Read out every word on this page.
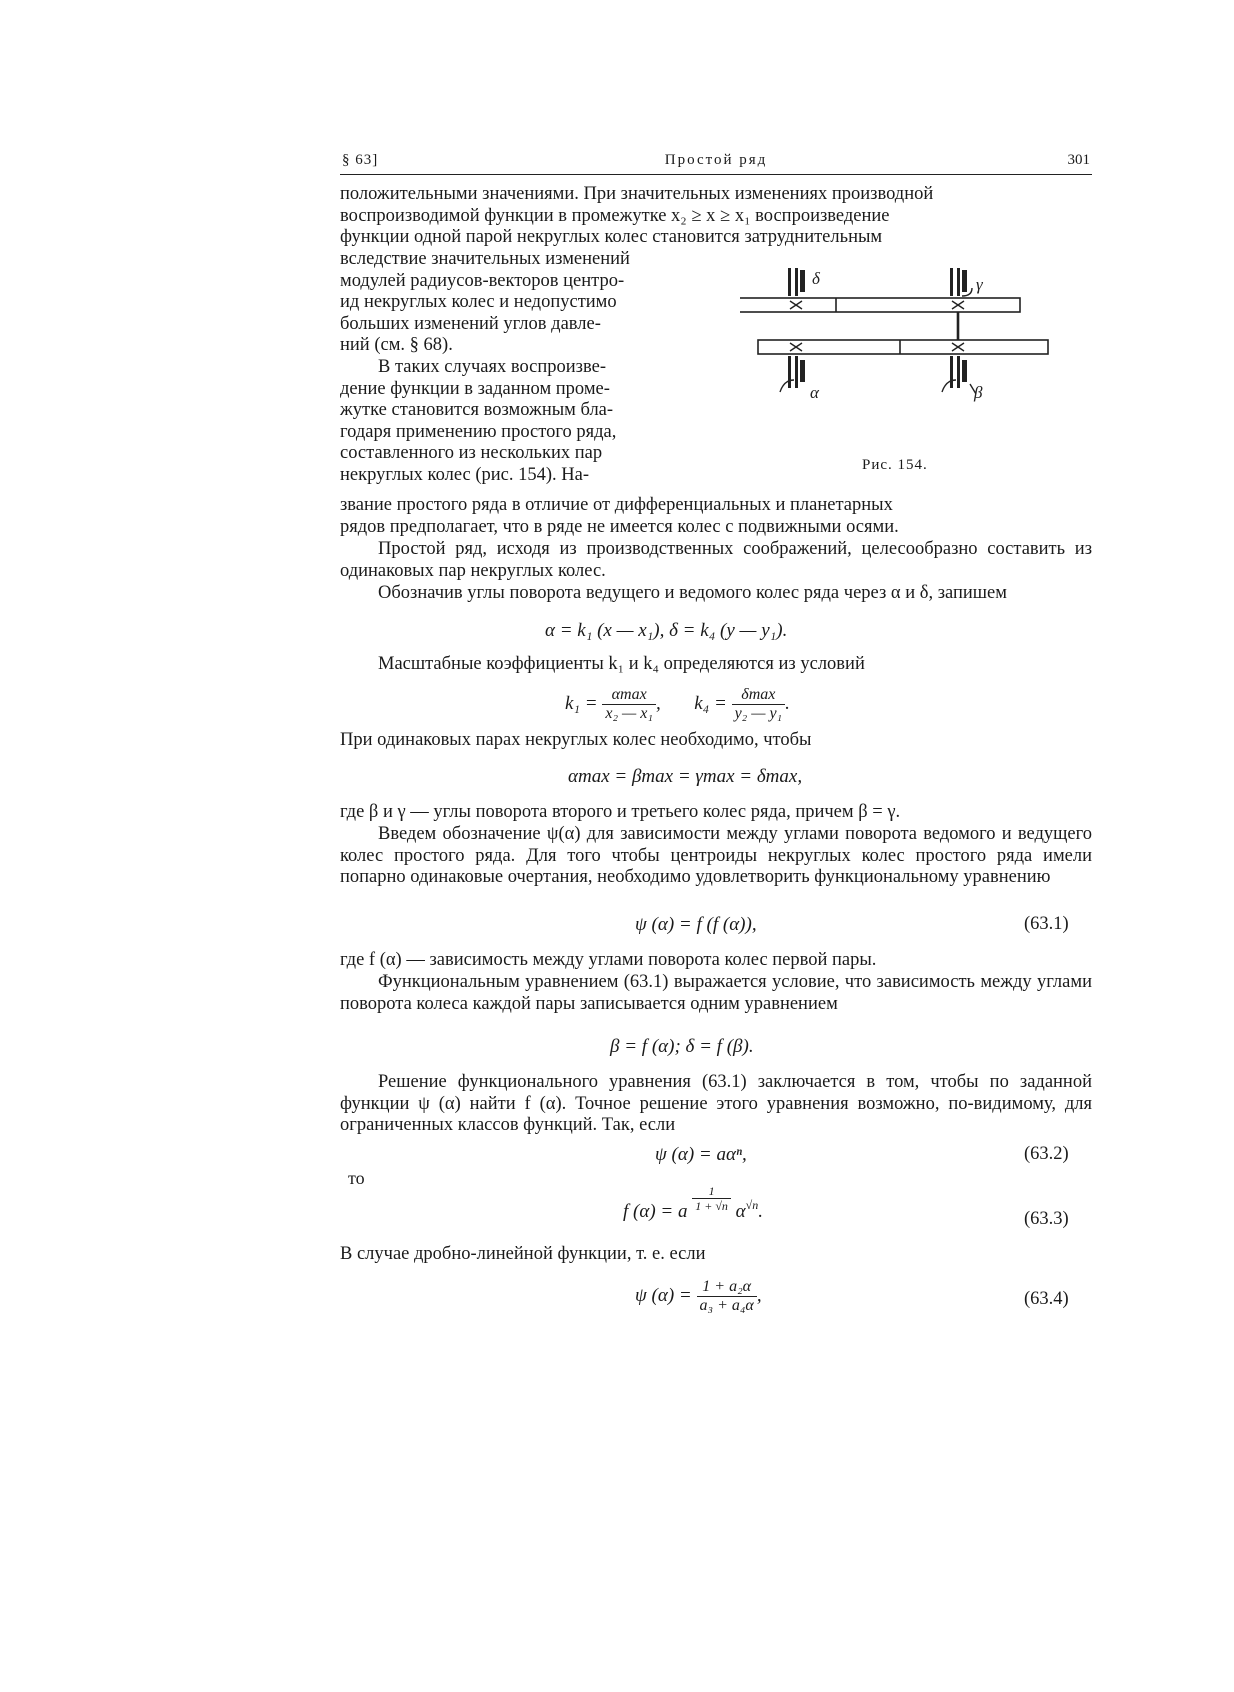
§ 63]	Простой ряд	301
положительными значениями. При значительных изменениях производной
воспроизводимой функции в промежутке x₂ ≥ x ≥ x₁ воспроизведение
функции одной парой некруглых колес становится затруднительным
вследствие значительных изменений
модулей радиусов-векторов центро-
ид некруглых колес и недопустимо
больших изменений углов давле-
ний (см. § 68).
В таких случаях воспроизве-
дение функции в заданном проме-
жутке становится возможным бла-
годаря применению простого ряда,
составленного из нескольких пар
некруглых колес (рис. 154). На-
δ	γ
α	β
Рис. 154.
звание простого ряда в отличие от дифференциальных и планетарных
рядов предполагает, что в ряде не имеется колес с подвижными осями.
Простой ряд, исходя из производственных соображений, целесообразно составить из одинаковых пар некруглых колес.
Обозначив углы поворота ведущего и ведомого колес ряда через α и δ, запишем
α = k₁ (x — x₁), δ = k₄ (y — y₁).
Масштабные коэффициенты k₁ и k₄ определяются из условий
$k_1 = \frac{\alpha\max}{\text{x₂ — x₁}}$ ,  $k_4 = \frac{\delta\max}{\text{y₂ — y₁}}$ .
При одинаковых парах некруглых колес необходимо, чтобы
αmax = βmax = γmax = δmax,
где β и γ — углы поворота второго и третьего колес ряда, причем β = γ.
Введем обозначение ψ(α) для зависимости между углами поворота ведомого и ведущего колес простого ряда. Для того чтобы центроиды некруглых колес простого ряда имели попарно одинаковые очертания, необходимо удовлетворить функциональному уравнению
ψ (α) = f (f (α)),	(63.1)
где f (α) — зависимость между углами поворота колес первой пары.
Функциональным уравнением (63.1) выражается условие, что зависимость между углами поворота колеса каждой пары записывается одним уравнением
β = f (α); δ = f (β).
Решение функционального уравнения (63.1) заключается в том, чтобы по заданной функции ψ (α) найти f (α). Точное решение этого уравнения возможно, по-видимому, для ограниченных классов функций. Так, если
ψ (α) = aαⁿ,	(63.2)
то
f (α) = a $\frac{1}{1 + √n} \alpha√n$.	(63.3)
В случае дробно-линейной функции, т. е. если
ψ $(\alpha) = \frac{\text{1 + a₂α}}{\text{a₃ + a₄α}}$ ,	(63.4)
